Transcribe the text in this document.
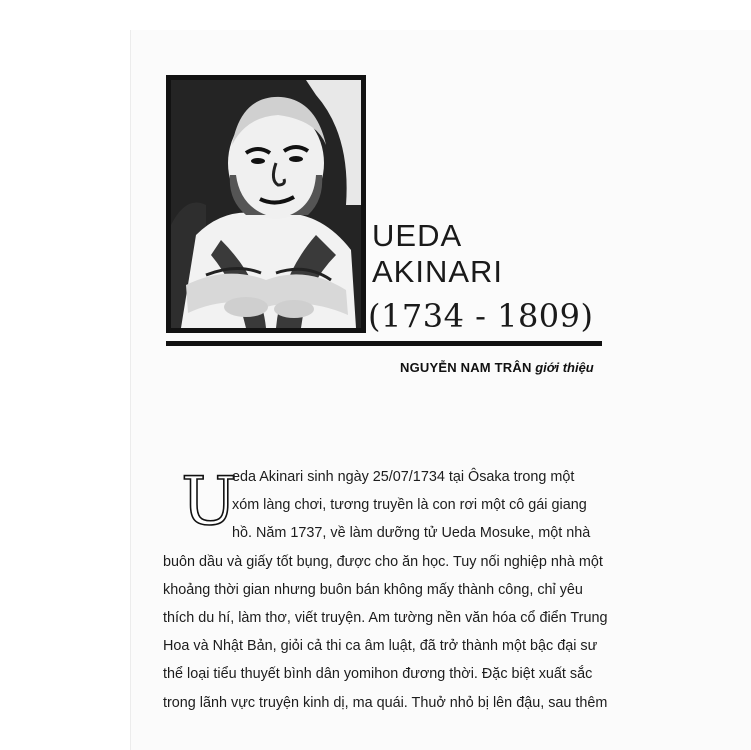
UEDA
AKINARI
(1734 - 1809)
NGUYỄN NAM TRÂN giới thiệu
U
eda Akinari sinh ngày 25/07/1734 tại Ôsaka trong một
xóm làng chơi, tương truyền là con rơi một cô gái giang
hồ. Năm 1737, về làm dưỡng tử Ueda Mosuke, một nhà
buôn dầu và giấy tốt bụng, được cho ăn học. Tuy nối nghiệp nhà một
khoảng thời gian nhưng buôn bán không mấy thành công, chỉ yêu
thích du hí, làm thơ, viết truyện. Am tường nền văn hóa cổ điển Trung
Hoa và Nhật Bản, giỏi cả thi ca âm luật, đã trở thành một bậc đại sư
thể loại tiểu thuyết bình dân yomihon đương thời. Đặc biệt xuất sắc
trong lãnh vực truyện kinh dị, ma quái. Thuở nhỏ bị lên đậu, sau thêm
